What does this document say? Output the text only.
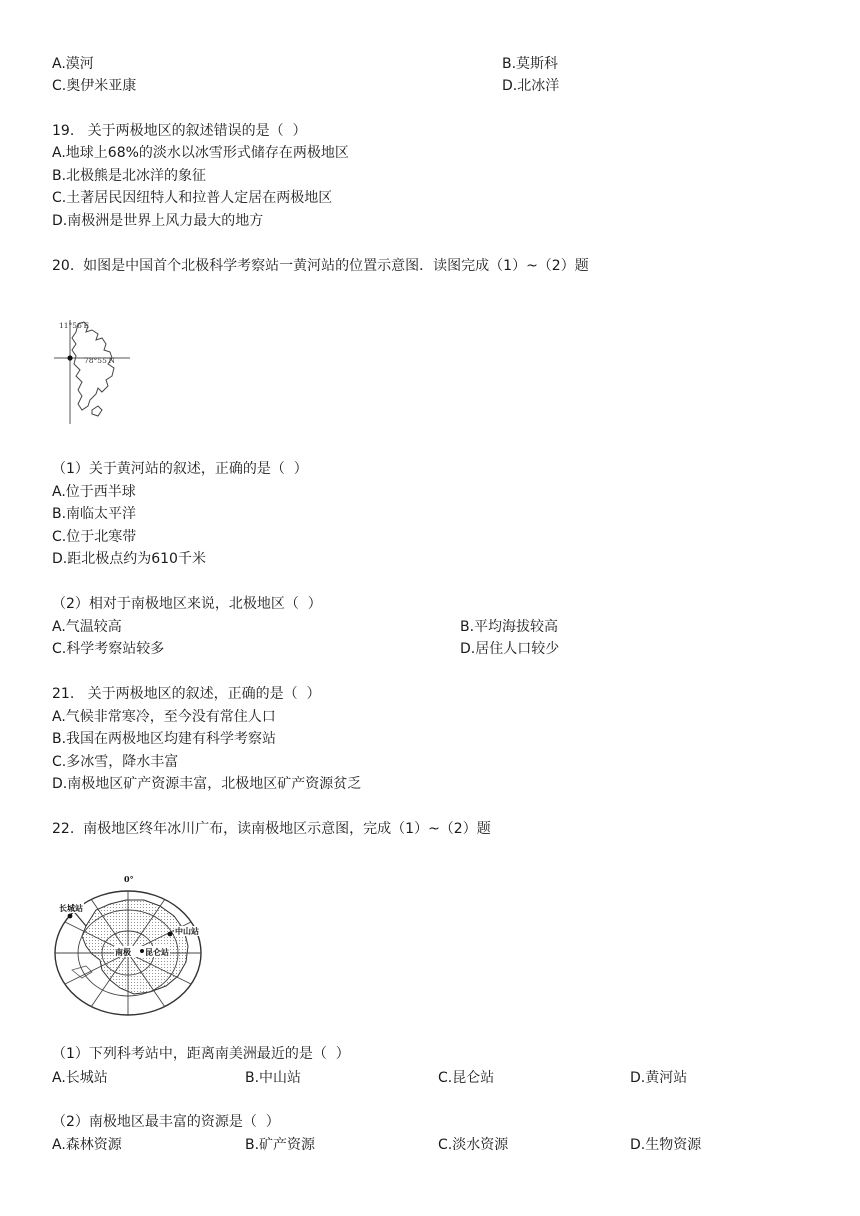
A.漠河	B.莫斯科
C.奥伊米亚康	D.北冰洋
19.   关于两极地区的叙述错误的是（  ）
A.地球上68%的淡水以冰雪形式储存在两极地区
B.北极熊是北冰洋的象征
C.土著居民因纽特人和拉普人定居在两极地区
D.南极洲是世界上风力最大的地方
20.  如图是中国首个北极科学考察站一黄河站的位置示意图．读图完成（1）~（2）题
11°56′E
78°55′N
（1）关于黄河站的叙述，正确的是（  ）
A.位于西半球
B.南临太平洋
C.位于北寒带
D.距北极点约为610千米
（2）相对于南极地区来说，北极地区（  ）
A.气温较高	B.平均海拔较高
C.科学考察站较多	D.居住人口较少
21.   关于两极地区的叙述，正确的是（  ）
A.气候非常寒冷，至今没有常住人口
B.我国在两极地区均建有科学考察站
C.多冰雪，降水丰富
D.南极地区矿产资源丰富，北极地区矿产资源贫乏
22.  南极地区终年冰川广布，读南极地区示意图，完成（1）~（2）题
0°
长城站
中山站
南极 昆仑站
（1）下列科考站中，距离南美洲最近的是（  ）
A.长城站	B.中山站	C.昆仑站	D.黄河站
（2）南极地区最丰富的资源是（  ）
A.森林资源	B.矿产资源	C.淡水资源	D.生物资源
